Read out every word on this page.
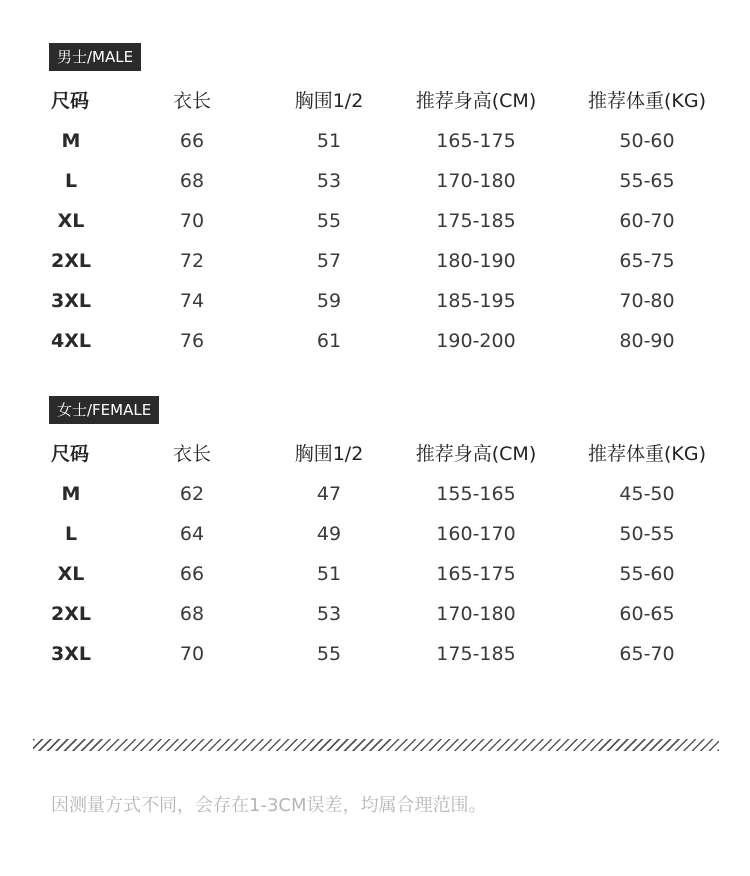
男士/MALE
尺码	衣长	胸围1/2	推荐身高(CM)	推荐体重(KG)
M	66	51	165-175	50-60
L	68	53	170-180	55-65
XL	70	55	175-185	60-70
2XL	72	57	180-190	65-75
3XL	74	59	185-195	70-80
4XL	76	61	190-200	80-90
女士/FEMALE
尺码	衣长	胸围1/2	推荐身高(CM)	推荐体重(KG)
M	62	47	155-165	45-50
L	64	49	160-170	50-55
XL	66	51	165-175	55-60
2XL	68	53	170-180	60-65
3XL	70	55	175-185	65-70
因测量方式不同，会存在1-3CM误差，均属合理范围。
